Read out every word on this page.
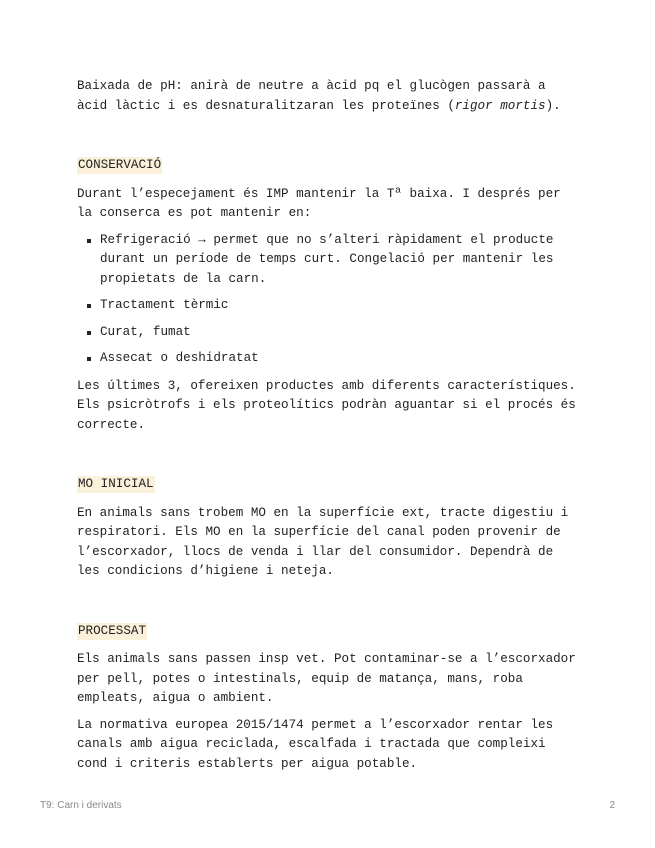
Baixada de pH: anirà de neutre a àcid pq el glucògen passarà a àcid làctic i es desnaturalitzaran les proteïnes (rigor mortis).

CONSERVACIÓ

Durant l’especejament és IMP mantenir la Tª baixa. I després per la conserca es pot mantenir en:

Refrigeració → permet que no s’alteri ràpidament el producte durant un període de temps curt. Congelació per mantenir les propietats de la carn.
Tractament tèrmic
Curat, fumat
Assecat o deshidratat

Les últimes 3, ofereixen productes amb diferents característiques. Els psicròtrofs i els proteolítics podràn aguantar si el procés és correcte.

MO INICIAL

En animals sans trobem MO en la superfície ext, tracte digestiu i respiratori. Els MO en la superfície del canal poden provenir de l’escorxador, llocs de venda i llar del consumidor. Dependrà de les condicions d’higiene i neteja.

PROCESSAT

Els animals sans passen insp vet. Pot contaminar-se a l’escorxador per pell, potes o intestinals, equip de matança, mans, roba empleats, aigua o ambient.

La normativa europea 2015/1474 permet a l’escorxador rentar les canals amb aigua reciclada, escalfada i tractada que compleixi cond i criteris establerts per aigua potable.

T9: Carn i derivats	2
